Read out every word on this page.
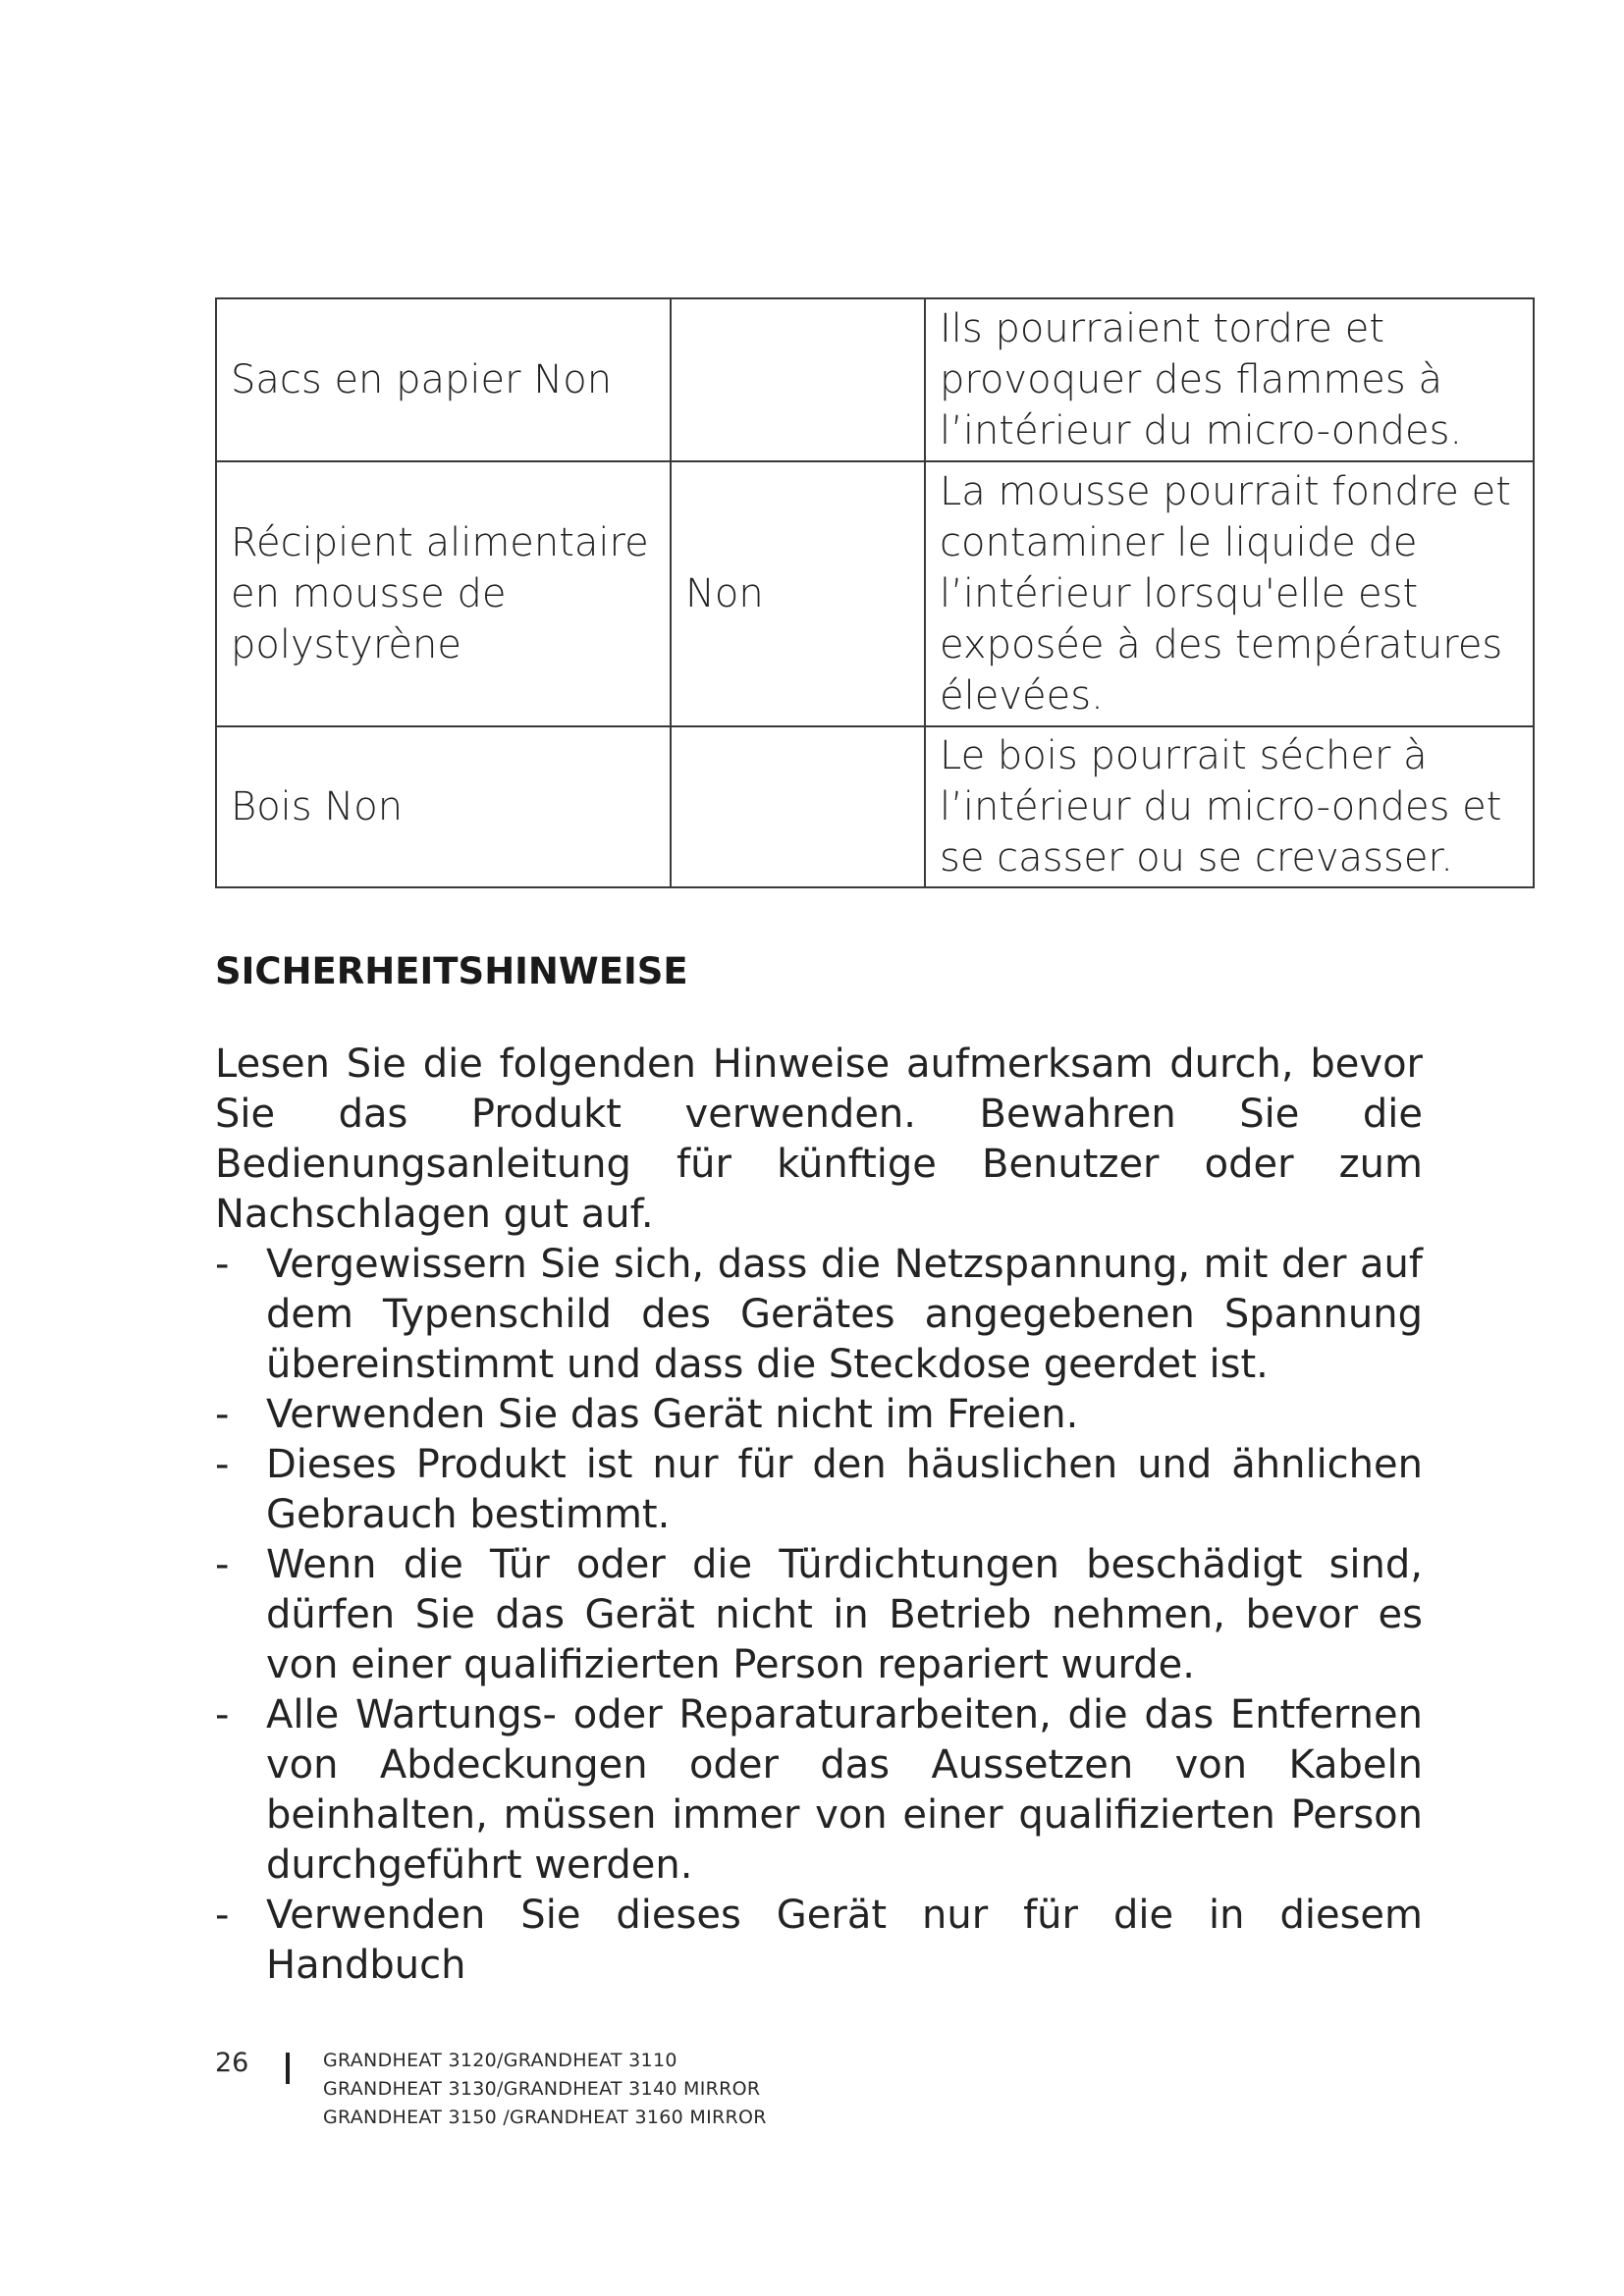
Sacs en papier Non		Ils pourraient tordre et provoquer des flammes à l’intérieur du micro-ondes.
Récipient alimentaire en mousse de polystyrène	Non	La mousse pourrait fondre et contaminer le liquide de l’intérieur lorsqu'elle est exposée à des températures élevées.
Bois Non		Le bois pourrait sécher à l’intérieur du micro-ondes et se casser ou se crevasser.
SICHERHEITSHINWEISE

Lesen Sie die folgenden Hinweise aufmerksam durch, bevor Sie das Produkt verwenden. Bewahren Sie die Bedienungsanleitung für künftige Benutzer oder zum Nachschlagen gut auf.

- Vergewissern Sie sich, dass die Netzspannung, mit der auf dem Typenschild des Gerätes angegebenen Spannung übereinstimmt und dass die Steckdose geerdet ist.
- Verwenden Sie das Gerät nicht im Freien.
- Dieses Produkt ist nur für den häuslichen und ähnlichen Gebrauch bestimmt.
- Wenn die Tür oder die Türdichtungen beschädigt sind, dürfen Sie das Gerät nicht in Betrieb nehmen, bevor es von einer qualifizierten Person repariert wurde.
- Alle Wartungs- oder Reparaturarbeiten, die das Entfernen von Abdeckungen oder das Aussetzen von Kabeln beinhalten, müssen immer von einer qualifizierten Person durchgeführt werden.
- Verwenden Sie dieses Gerät nur für die in diesem Handbuch
26	GRANDHEAT 3120/GRANDHEAT 3110
GRANDHEAT 3130/GRANDHEAT 3140 MIRROR
GRANDHEAT 3150 /GRANDHEAT 3160 MIRROR
